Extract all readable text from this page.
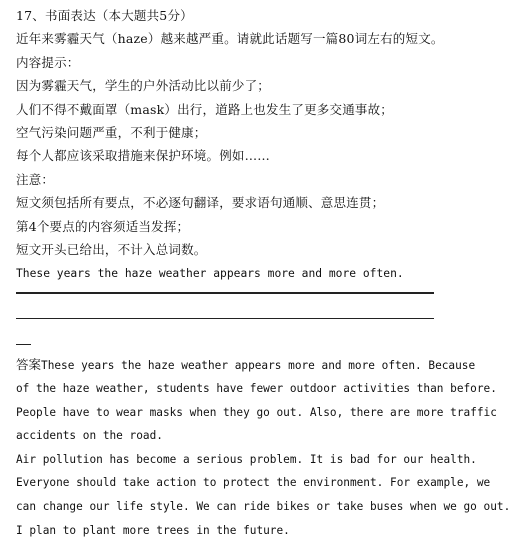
17、书面表达（本大题共5分）
近年来雾霾天气（haze）越来越严重。请就此话题写一篇80词左右的短文。
内容提示：
因为雾霾天气，学生的户外活动比以前少了；
人们不得不戴面罩（mask）出行，道路上也发生了更多交通事故；
空气污染问题严重，不利于健康；
每个人都应该采取措施来保护环境。例如……
注意：
短文须包括所有要点，不必逐句翻译，要求语句通顺、意思连贯；
第4个要点的内容须适当发挥；
短文开头已给出，不计入总词数。
These years the haze weather appears more and more often.
答案These years the haze weather appears more and more often. Because
of the haze weather, students have fewer outdoor activities than before.
People have to wear masks when they go out. Also, there are more traffic
accidents on the road.
Air pollution has become a serious problem. It is bad for our health.
Everyone should take action to protect the environment. For example, we
can change our life style. We can ride bikes or take buses when we go out.
I plan to plant more trees in the future.
